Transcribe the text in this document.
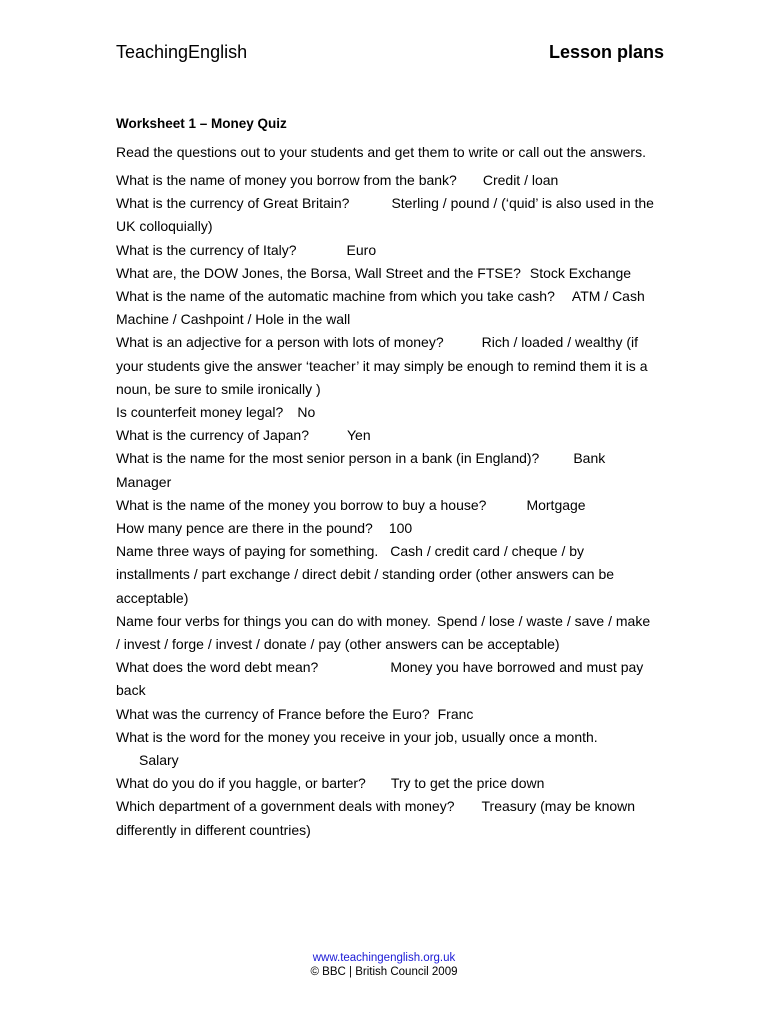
TeachingEnglish	Lesson plans
Worksheet 1 – Money Quiz
Read the questions out to your students and get them to write or call out the answers.

What is the name of money you borrow from the bank? Credit / loan

What is the currency of Great Britain?	Sterling / pound / (‘quid’ is also used in the UK colloquially)

What is the currency of Italy?	Euro

What are, the DOW Jones, the Borsa, Wall Street and the FTSE? Stock Exchange

What is the name of the automatic machine from which you take cash? ATM / Cash Machine / Cashpoint / Hole in the wall

What is an adjective for a person with lots of money?	Rich / loaded / wealthy (if your students give the answer ‘teacher’ it may simply be enough to remind them it is a noun, be sure to smile ironically )

Is counterfeit money legal? No

What is the currency of Japan?	Yen

What is the name for the most senior person in a bank (in England)? Bank Manager

What is the name of the money you borrow to buy a house?	Mortgage

How many pence are there in the pound? 100

Name three ways of paying for something. Cash / credit card / cheque / by installments / part exchange / direct debit / standing order (other answers can be acceptable)

Name four verbs for things you can do with money. Spend / lose / waste / save / make / invest / forge / invest / donate / pay (other answers can be acceptable)

What does the word debt mean?	Money you have borrowed and must pay back

What was the currency of France before the Euro? Franc

What is the word for the money you receive in your job, usually once a month.
Salary

What do you do if you haggle, or barter? Try to get the price down

Which department of a government deals with money? Treasury (may be known differently in different countries)

www.teachingenglish.org.uk
© BBC | British Council 2009
